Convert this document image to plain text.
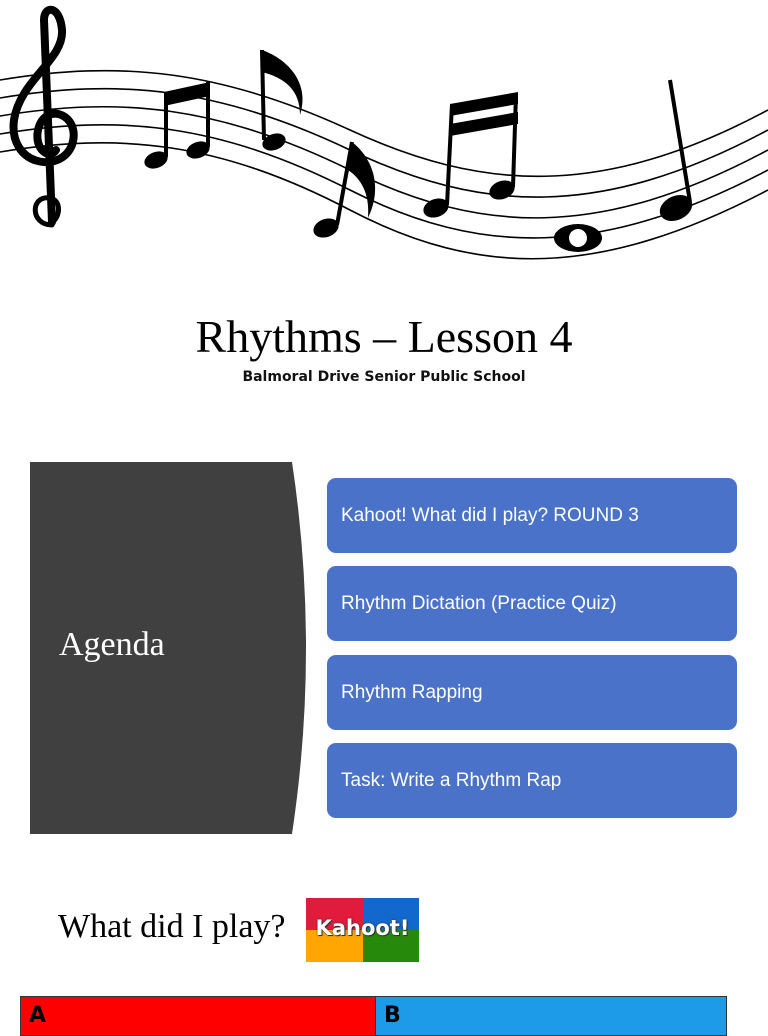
Rhythms – Lesson 4
Balmoral Drive Senior Public School
Agenda
Kahoot! What did I play? ROUND 3
Rhythm Dictation (Practice Quiz)
Rhythm Rapping
Task: Write a Rhythm Rap
What did I play?	Kahoot!
A	B
